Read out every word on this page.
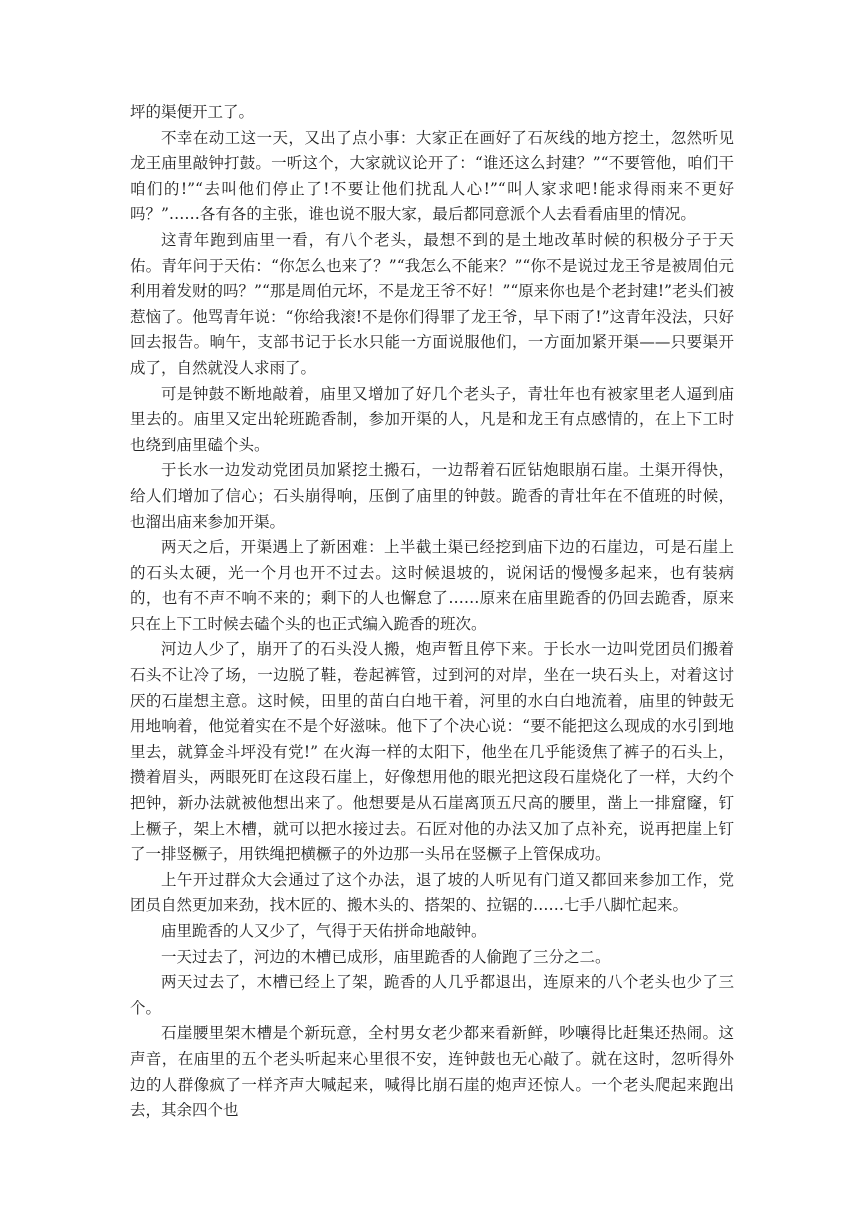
坪的渠便开工了。

不幸在动工这一天，又出了点小事：大家正在画好了石灰线的地方挖土，忽然听见龙王庙里敲钟打鼓。一听这个，大家就议论开了：“谁还这么封建？”“不要管他，咱们干咱们的!”“去叫他们停止了!不要让他们扰乱人心!”“叫人家求吧!能求得雨来不更好吗？”……各有各的主张，谁也说不服大家，最后都同意派个人去看看庙里的情况。

这青年跑到庙里一看，有八个老头，最想不到的是土地改革时候的积极分子于天佑。青年问于天佑：“你怎么也来了？”“我怎么不能来？”“你不是说过龙王爷是被周伯元利用着发财的吗？”“那是周伯元坏，不是龙王爷不好！”“原来你也是个老封建!”老头们被惹恼了。他骂青年说：“你给我滚!不是你们得罪了龙王爷，早下雨了!”这青年没法，只好回去报告。晌午，支部书记于长水只能一方面说服他们，一方面加紧开渠——只要渠开成了，自然就没人求雨了。

可是钟鼓不断地敲着，庙里又增加了好几个老头子，青壮年也有被家里老人逼到庙里去的。庙里又定出轮班跪香制，参加开渠的人，凡是和龙王有点感情的，在上下工时也绕到庙里磕个头。

于长水一边发动党团员加紧挖土搬石，一边帮着石匠钻炮眼崩石崖。土渠开得快，给人们增加了信心；石头崩得响，压倒了庙里的钟鼓。跪香的青壮年在不值班的时候，也溜出庙来参加开渠。

两天之后，开渠遇上了新困难：上半截土渠已经挖到庙下边的石崖边，可是石崖上的石头太硬，光一个月也开不过去。这时候退坡的，说闲话的慢慢多起来，也有装病的，也有不声不响不来的；剩下的人也懈怠了……原来在庙里跪香的仍回去跪香，原来只在上下工时候去磕个头的也正式编入跪香的班次。

河边人少了，崩开了的石头没人搬，炮声暂且停下来。于长水一边叫党团员们搬着石头不让冷了场，一边脱了鞋，卷起裤管，过到河的对岸，坐在一块石头上，对着这讨厌的石崖想主意。这时候，田里的苗白白地干着，河里的水白白地流着，庙里的钟鼓无用地响着，他觉着实在不是个好滋味。他下了个决心说：“要不能把这么现成的水引到地里去，就算金斗坪没有党!” 在火海一样的太阳下，他坐在几乎能烫焦了裤子的石头上，攒着眉头，两眼死盯在这段石崖上，好像想用他的眼光把这段石崖烧化了一样，大约个把钟，新办法就被他想出来了。他想要是从石崖离顶五尺高的腰里，凿上一排窟窿，钉上橛子，架上木槽，就可以把水接过去。石匠对他的办法又加了点补充，说再把崖上钉了一排竖橛子，用铁绳把横橛子的外边那一头吊在竖橛子上管保成功。

上午开过群众大会通过了这个办法，退了坡的人听见有门道又都回来参加工作，党团员自然更加来劲，找木匠的、搬木头的、搭架的、拉锯的……七手八脚忙起来。

庙里跪香的人又少了，气得于天佑拼命地敲钟。

一天过去了，河边的木槽已成形，庙里跪香的人偷跑了三分之二。

两天过去了，木槽已经上了架，跪香的人几乎都退出，连原来的八个老头也少了三个。

石崖腰里架木槽是个新玩意，全村男女老少都来看新鲜，吵嚷得比赶集还热闹。这声音，在庙里的五个老头听起来心里很不安，连钟鼓也无心敲了。就在这时，忽听得外边的人群像疯了一样齐声大喊起来，喊得比崩石崖的炮声还惊人。一个老头爬起来跑出去，其余四个也
